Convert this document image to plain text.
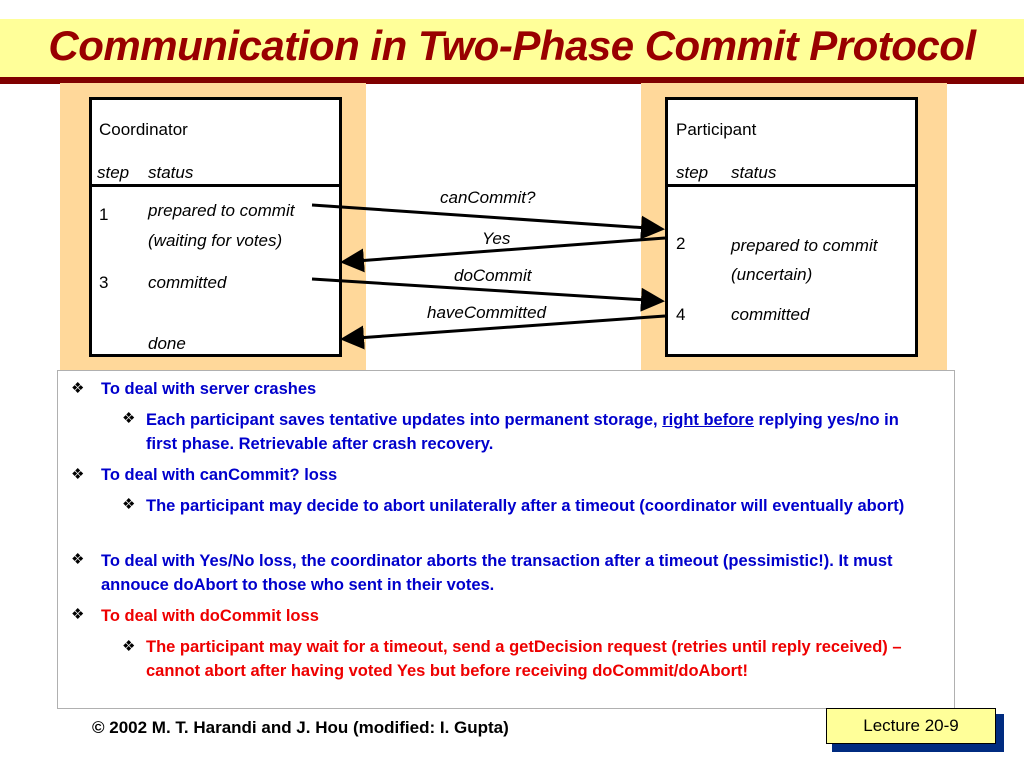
Communication in Two-Phase Commit Protocol
Coordinator
step status
1 prepared to commit
(waiting for votes)
3 committed
done
Participant
step status
2	prepared to commit
(uncertain)
4	committed
canCommit?
Yes
doCommit
haveCommitted
❖ To deal with server crashes
❖ Each participant saves tentative updates into permanent storage, right before replying yes/no in first phase. Retrievable after crash recovery.
❖ To deal with canCommit? loss
❖ The participant may decide to abort unilaterally after a timeout (coordinator will eventually abort)
❖ To deal with Yes/No loss, the coordinator aborts the transaction after a timeout (pessimistic!). It must annouce doAbort to those who sent in their votes.
❖ To deal with doCommit loss
❖ The participant may wait for a timeout, send a getDecision request (retries until reply received) – cannot abort after having voted Yes but before receiving doCommit/doAbort!
© 2002 M. T. Harandi and J. Hou (modified: I. Gupta)	Lecture 20-9
